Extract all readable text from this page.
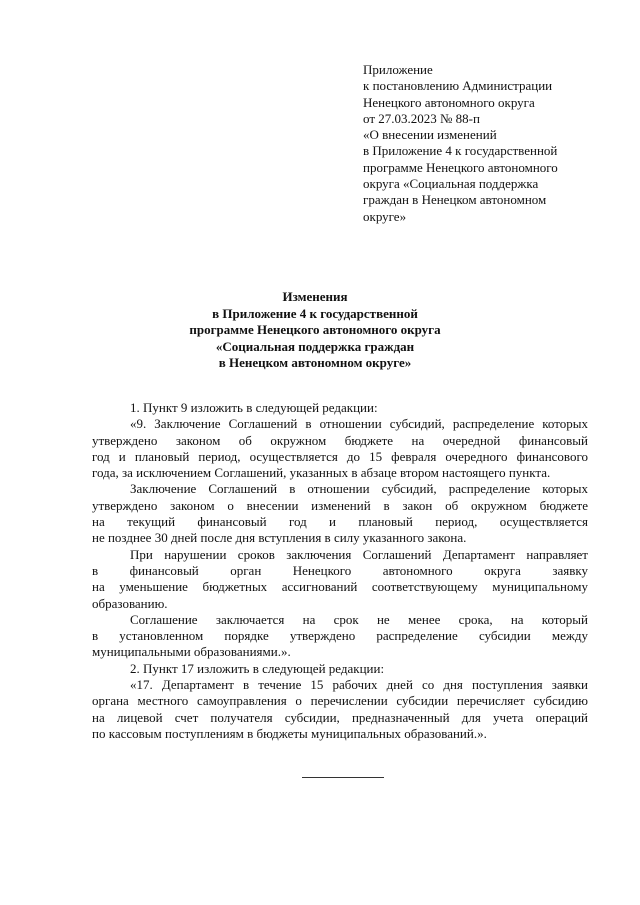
Приложение
к постановлению Администрации
Ненецкого автономного округа
от 27.03.2023 № 88-п
«О внесении изменений
в Приложение 4 к государственной
программе Ненецкого автономного
округа «Социальная поддержка
граждан в Ненецком автономном
округе»
Изменения
в Приложение 4 к государственной
программе Ненецкого автономного округа
«Социальная поддержка граждан
в Ненецком автономном округе»
1. Пункт 9 изложить в следующей редакции:
«9. Заключение Соглашений в отношении субсидий, распределение которых
утверждено законом об окружном бюджете на очередной финансовый
год и плановый период, осуществляется до 15 февраля очередного финансового
года, за исключением Соглашений, указанных в абзаце втором настоящего пункта.
Заключение Соглашений в отношении субсидий, распределение которых
утверждено законом о внесении изменений в закон об окружном бюджете
на текущий финансовый год и плановый период, осуществляется
не позднее 30 дней после дня вступления в силу указанного закона.
При нарушении сроков заключения Соглашений Департамент направляет
в финансовый орган Ненецкого автономного округа заявку
на уменьшение бюджетных ассигнований соответствующему муниципальному
образованию.
Соглашение заключается на срок не менее срока, на который
в установленном порядке утверждено распределение субсидии между
муниципальными образованиями.».
2. Пункт 17 изложить в следующей редакции:
«17. Департамент в течение 15 рабочих дней со дня поступления заявки
органа местного самоуправления о перечислении субсидии перечисляет субсидию
на лицевой счет получателя субсидии, предназначенный для учета операций
по кассовым поступлениям в бюджеты муниципальных образований.».
